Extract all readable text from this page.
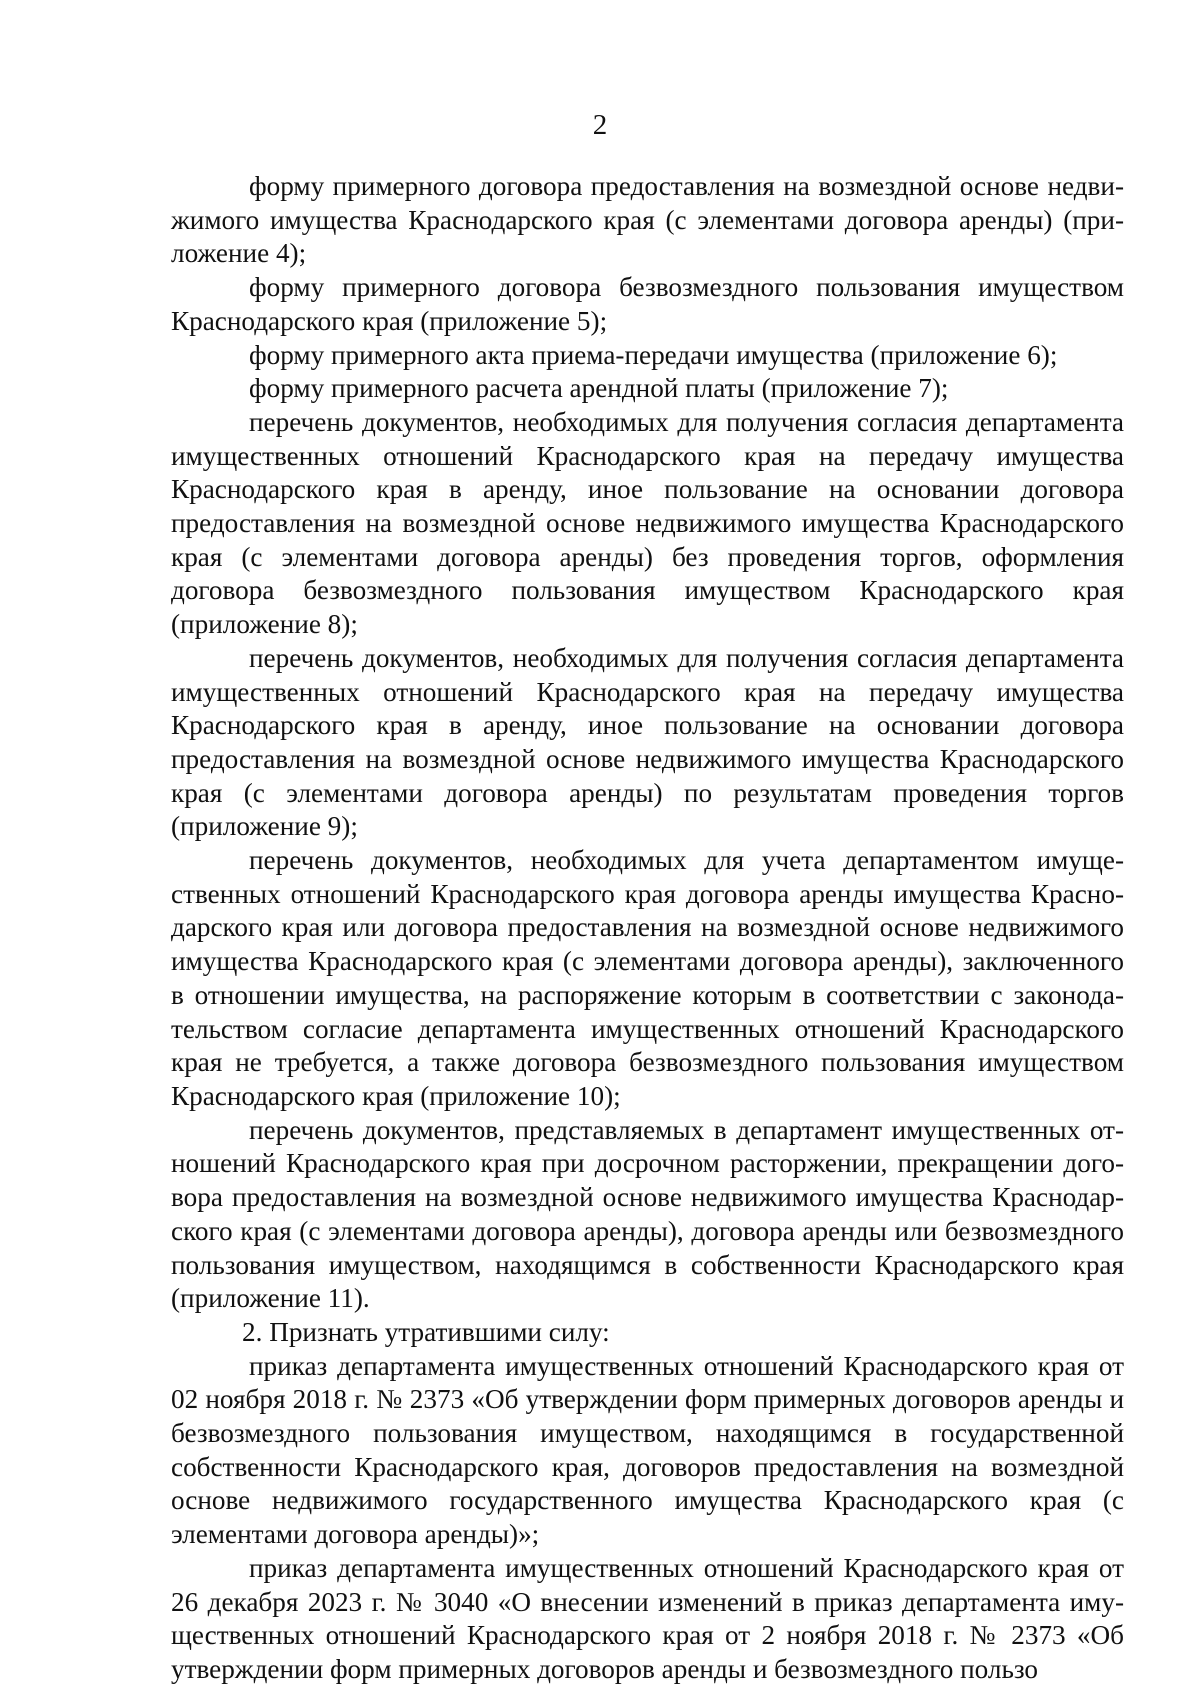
2

форму примерного договора предоставления на возмездной основе недвижимого имущества Краснодарского края (с элементами договора аренды) (приложение 4);

форму примерного договора безвозмездного пользования имуществом Краснодарского края (приложение 5);

форму примерного акта приема-передачи имущества (приложение 6);

форму примерного расчета арендной платы (приложение 7);

перечень документов, необходимых для получения согласия департамента имущественных отношений Краснодарского края на передачу имущества Краснодарского края в аренду, иное пользование на основании договора предоставления на возмездной основе недвижимого имущества Краснодарского края (с элементами договора аренды) без проведения торгов, оформления договора безвозмездного пользования имуществом Краснодарского края (приложение 8);

перечень документов, необходимых для получения согласия департамента имущественных отношений Краснодарского края на передачу имущества Краснодарского края в аренду, иное пользование на основании договора предоставления на возмездной основе недвижимого имущества Краснодарского края (с элементами договора аренды) по результатам проведения торгов (приложение 9);

перечень документов, необходимых для учета департаментом имущественных отношений Краснодарского края договора аренды имущества Краснодарского края или договора предоставления на возмездной основе недвижимого имущества Краснодарского края (с элементами договора аренды), заключенного в отношении имущества, на распоряжение которым в соответствии с законодательством согласие департамента имущественных отношений Краснодарского края не требуется, а также договора безвозмездного пользования имуществом Краснодарского края (приложение 10);

перечень документов, представляемых в департамент имущественных отношений Краснодарского края при досрочном расторжении, прекращении договора предоставления на возмездной основе недвижимого имущества Краснодарского края (с элементами договора аренды), договора аренды или безвозмездного пользования имуществом, находящимся в собственности Краснодарского края (приложение 11).

2. Признать утратившими силу:

приказ департамента имущественных отношений Краснодарского края от 02 ноября 2018 г. № 2373 «Об утверждении форм примерных договоров аренды и безвозмездного пользования имуществом, находящимся в государственной собственности Краснодарского края, договоров предоставления на возмездной основе недвижимого государственного имущества Краснодарского края (с элементами договора аренды)»;

приказ департамента имущественных отношений Краснодарского края от 26 декабря 2023 г. № 3040 «О внесении изменений в приказ департамента имущественных отношений Краснодарского края от 2 ноября 2018 г. № 2373 «Об утверждении форм примерных договоров аренды и безвозмездного пользо
